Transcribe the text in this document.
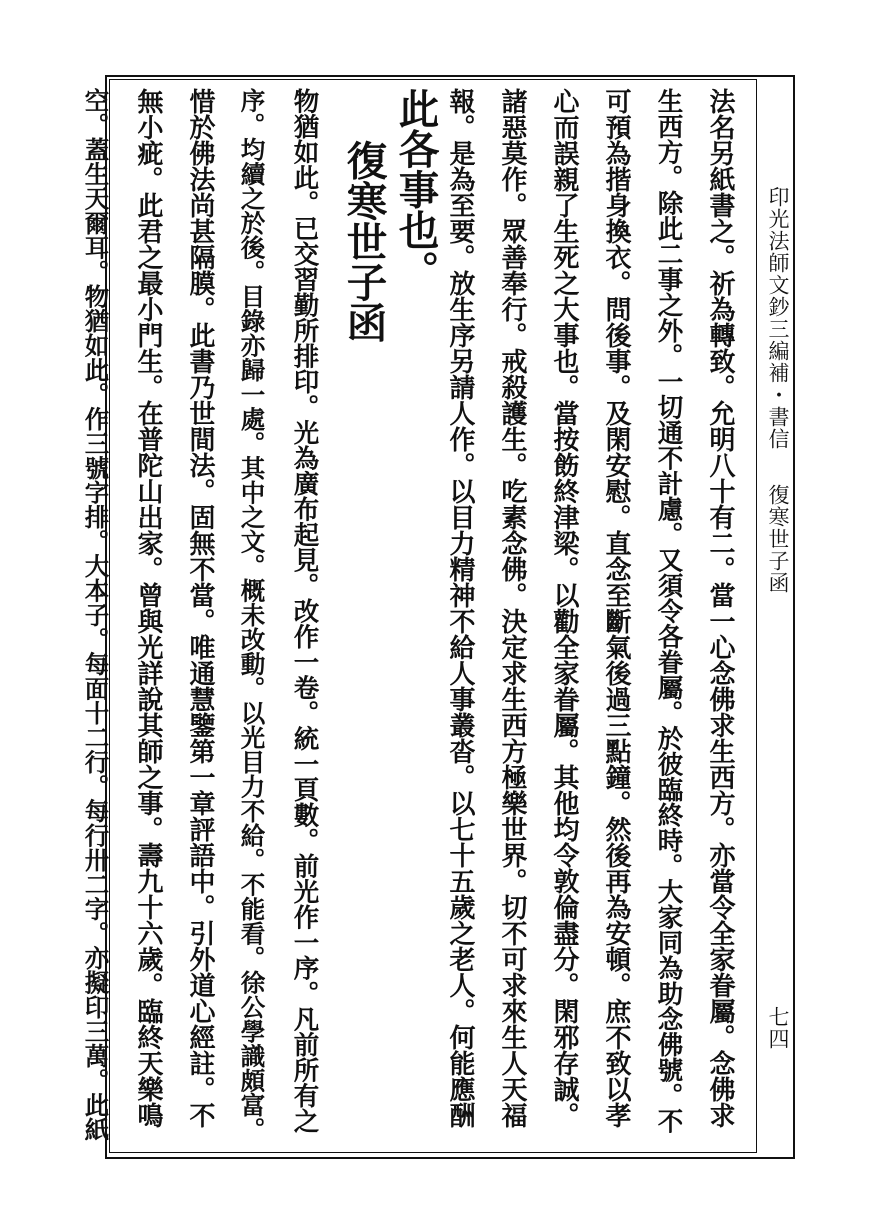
印光法師文鈔三編補・書信
復寒世子函
七四
法名另紙書之。祈為轉致。允明八十有二。當一心念佛求生西方。亦當令全家眷屬。念佛求
生西方。除此二事之外。一切通不計慮。又須令各眷屬。於彼臨終時。大家同為助念佛號。不
可預為揩身換衣。問後事。及閑安慰。直念至斷氣後過三點鐘。然後再為安頓。庶不致以孝
心而誤親了生死之大事也。當按飭終津梁。以勸全家眷屬。其他均令敦倫盡分。閑邪存誠。
諸惡莫作。眾善奉行。戒殺護生。吃素念佛。決定求生西方極樂世界。切不可求來生人天福
報。是為至要。放生序另請人作。以目力精神不給人事叢沓。以七十五歲之老人。何能應酬
此各事也。
復寒世子函
物猶如此。已交習勤所排印。光為廣布起見。改作一卷。統一頁數。前光作一序。凡前所有之
序。均續之於後。目錄亦歸一處。其中之文。概未改動。以光目力不給。不能看。徐公學識頗富。
惜於佛法尚甚隔膜。此書乃世間法。固無不當。唯通慧鑒第一章評語中。引外道心經註。不
無小疵。此君之最小門生。在普陀山出家。曾與光詳說其師之事。壽九十六歲。臨終天樂鳴
空。蓋生天爾耳。物猶如此。作三號字排。大本子。每面十二行。每行卅二字。亦擬印三萬。此紙
